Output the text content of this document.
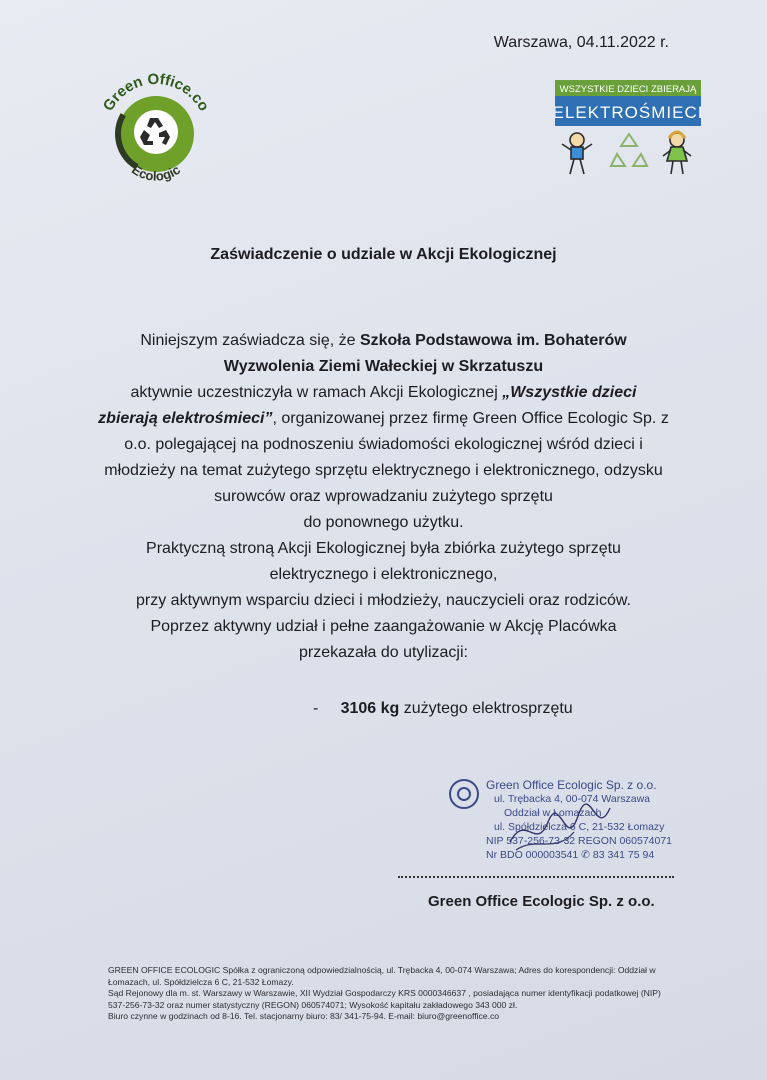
Warszawa, 04.11.2022 r.
Green Office.co
Ecologic
WSZYSTKIE DZIECI ZBIERAJĄ
ELEKTROŚMIECI
Zaświadczenie o udziale w Akcji Ekologicznej
Niniejszym zaświadcza się, że Szkoła Podstawowa im. Bohaterów
Wyzwolenia Ziemi Wałeckiej w Skrzatuszu
aktywnie uczestniczyła w ramach Akcji Ekologicznej „Wszystkie dzieci
zbierają elektrośmieci”, organizowanej przez firmę Green Office Ecologic Sp. z
o.o. polegającej na podnoszeniu świadomości ekologicznej wśród dzieci i
młodzieży na temat zużytego sprzętu elektrycznego i elektronicznego, odzysku
surowców oraz wprowadzaniu zużytego sprzętu
do ponownego użytku.
Praktyczną stroną Akcji Ekologicznej była zbiórka zużytego sprzętu
elektrycznego i elektronicznego,
przy aktywnym wsparciu dzieci i młodzieży, nauczycieli oraz rodziców.
Poprzez aktywny udział i pełne zaangażowanie w Akcję Placówka
przekazała do utylizacji:
- 3106 kg zużytego elektrosprzętu
Green Office Ecologic Sp. z o.o.
ul. Trębacka 4, 00-074 Warszawa
Oddział w Łomazach
ul. Spółdzielcza 6 C, 21-532 Łomazy
NIP 537-256-73-32 REGON 060574071
Nr BDO 000003541 ✆ 83 341 75 94
Green Office Ecologic Sp. z o.o.
GREEN OFFICE ECOLOGIC Spółka z ograniczoną odpowiedzialnością, ul. Trębacka 4, 00-074 Warszawa; Adres do korespondencji: Oddział w
Łomazach, ul. Spółdzielcza 6 C, 21-532 Łomazy.
Sąd Rejonowy dla m. st. Warszawy w Warszawie, XII Wydział Gospodarczy KRS 0000346637 , posiadająca numer identyfikacji podatkowej (NIP)
537-256-73-32 oraz numer statystyczny (REGON) 060574071; Wysokość kapitału zakładowego 343 000 zł.
Biuro czynne w godzinach od 8-16. Tel. stacjonarny biuro: 83/ 341-75-94. E-mail: biuro@greenoffice.co
